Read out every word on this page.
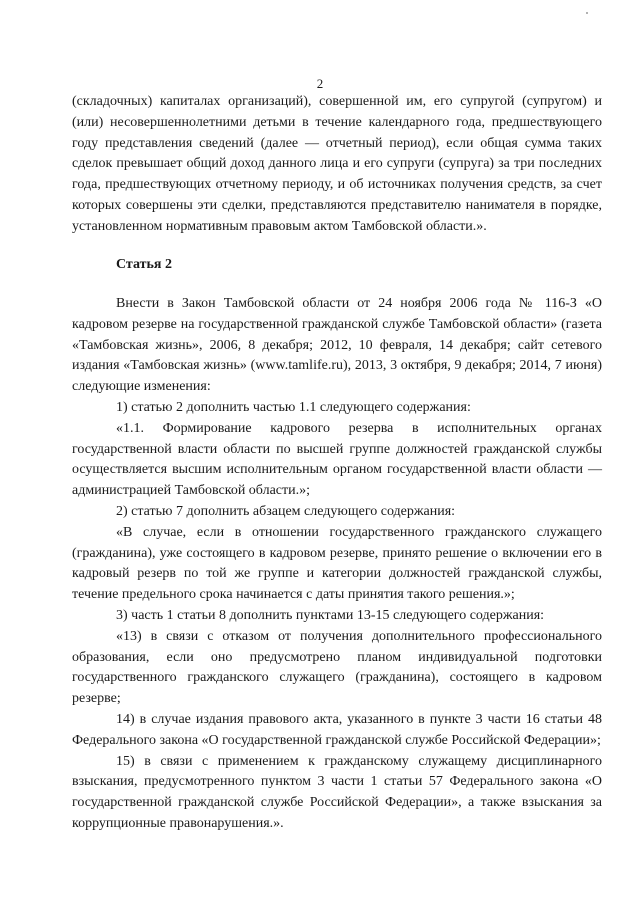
2

(складочных) капиталах организаций), совершенной им, его супругой (супругом) и (или) несовершеннолетними детьми в течение календарного года, предшествующего году представления сведений (далее — отчетный период), если общая сумма таких сделок превышает общий доход данного лица и его супруги (супруга) за три последних года, предшествующих отчетному периоду, и об источниках получения средств, за счет которых совершены эти сделки, представляются представителю нанимателя в порядке, установленном нормативным правовым актом Тамбовской области.».

Статья 2

Внести в Закон Тамбовской области от 24 ноября 2006 года № 116-З «О кадровом резерве на государственной гражданской службе Тамбовской области» (газета «Тамбовская жизнь», 2006, 8 декабря; 2012, 10 февраля, 14 декабря; сайт сетевого издания «Тамбовская жизнь» (www.tamlife.ru), 2013, 3 октября, 9 декабря; 2014, 7 июня) следующие изменения:

1) статью 2 дополнить частью 1.1 следующего содержания:

«1.1. Формирование кадрового резерва в исполнительных органах государственной власти области по высшей группе должностей гражданской службы осуществляется высшим исполнительным органом государственной власти области — администрацией Тамбовской области.»;

2) статью 7 дополнить абзацем следующего содержания:

«В случае, если в отношении государственного гражданского служащего (гражданина), уже состоящего в кадровом резерве, принято решение о включении его в кадровый резерв по той же группе и категории должностей гражданской службы, течение предельного срока начинается с даты принятия такого решения.»;

3) часть 1 статьи 8 дополнить пунктами 13-15 следующего содержания:

«13) в связи с отказом от получения дополнительного профессионального образования, если оно предусмотрено планом индивидуальной подготовки государственного гражданского служащего (гражданина), состоящего в кадровом резерве;

14) в случае издания правового акта, указанного в пункте 3 части 16 статьи 48 Федерального закона «О государственной гражданской службе Российской Федерации»;

15) в связи с применением к гражданскому служащему дисциплинарного взыскания, предусмотренного пунктом 3 части 1 статьи 57 Федерального закона «О государственной гражданской службе Российской Федерации», а также взыскания за коррупционные правонарушения.».
